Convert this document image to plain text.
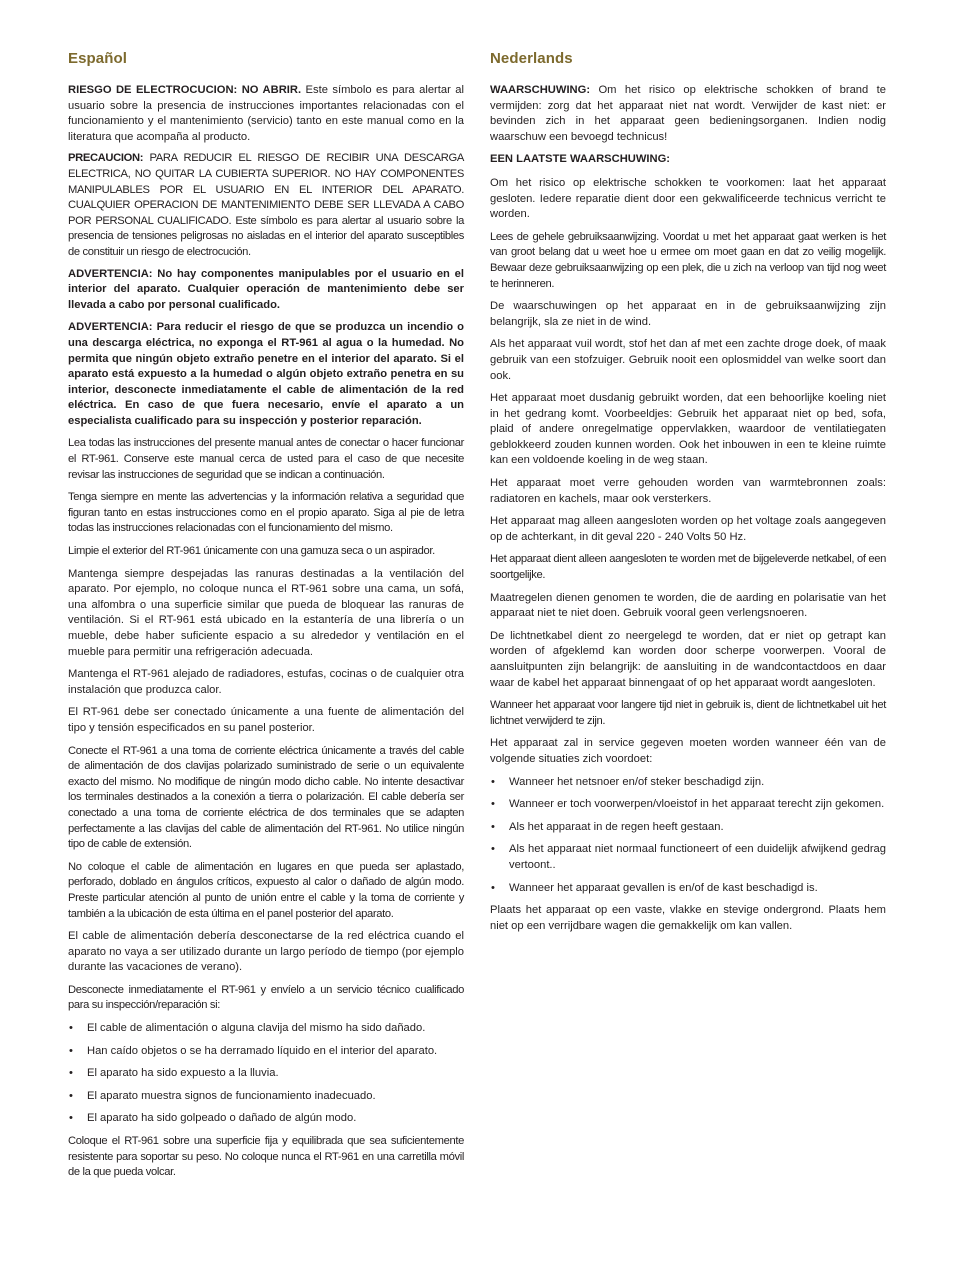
Español

RIESGO DE ELECTROCUCION: NO ABRIR. Este símbolo es para alertar al usuario sobre la presencia de instrucciones importantes relacionadas con el funcionamiento y el mantenimiento (servicio) tanto en este manual como en la literatura que acompaña al producto.

PRECAUCION: PARA REDUCIR EL RIESGO DE RECIBIR UNA DESCARGA ELECTRICA, NO QUITAR LA CUBIERTA SUPERIOR. NO HAY COMPONENTES MANIPULABLES POR EL USUARIO EN EL INTERIOR DEL APARATO. CUALQUIER OPERACION DE MANTENIMIENTO DEBE SER LLEVADA A CABO POR PERSONAL CUALIFICADO. Este símbolo es para alertar al usuario sobre la presencia de tensiones peligrosas no aisladas en el interior del aparato susceptibles de constituir un riesgo de electrocución.

ADVERTENCIA: No hay componentes manipulables por el usuario en el interior del aparato. Cualquier operación de mantenimiento debe ser llevada a cabo por personal cualificado.

ADVERTENCIA: Para reducir el riesgo de que se produzca un incendio o una descarga eléctrica, no exponga el RT-961 al agua o la humedad. No permita que ningún objeto extraño penetre en el interior del aparato. Si el aparato está expuesto a la humedad o algún objeto extraño penetra en su interior, desconecte inmediatamente el cable de alimentación de la red eléctrica. En caso de que fuera necesario, envíe el aparato a un especialista cualificado para su inspección y posterior reparación.

Lea todas las instrucciones del presente manual antes de conectar o hacer funcionar el RT-961. Conserve este manual cerca de usted para el caso de que necesite revisar las instrucciones de seguridad que se indican a continuación.

Tenga siempre en mente las advertencias y la información relativa a seguridad que figuran tanto en estas instrucciones como en el propio aparato. Siga al pie de letra todas las instrucciones relacionadas con el funcionamiento del mismo.

Limpie el exterior del RT-961 únicamente con una gamuza seca o un aspirador.

Mantenga siempre despejadas las ranuras destinadas a la ventilación del aparato. Por ejemplo, no coloque nunca el RT-961 sobre una cama, un sofá, una alfombra o una superficie similar que pueda de bloquear las ranuras de ventilación. Si el RT-961 está ubicado en la estantería de una librería o un mueble, debe haber suficiente espacio a su alrededor y ventilación en el mueble para permitir una refrigeración adecuada.

Mantenga el RT-961 alejado de radiadores, estufas, cocinas o de cualquier otra instalación que produzca calor.

El RT-961 debe ser conectado únicamente a una fuente de alimentación del tipo y tensión especificados en su panel posterior.

Conecte el RT-961 a una toma de corriente eléctrica únicamente a través del cable de alimentación de dos clavijas polarizado suministrado de serie o un equivalente exacto del mismo. No modifique de ningún modo dicho cable. No intente desactivar los terminales destinados a la conexión a tierra o polarización. El cable debería ser conectado a una toma de corriente eléctrica de dos terminales que se adapten perfectamente a las clavijas del cable de alimentación del RT-961. No utilice ningún tipo de cable de extensión.

No coloque el cable de alimentación en lugares en que pueda ser aplastado, perforado, doblado en ángulos críticos, expuesto al calor o dañado de algún modo. Preste particular atención al punto de unión entre el cable y la toma de corriente y también a la ubicación de esta última en el panel posterior del aparato.

El cable de alimentación debería desconectarse de la red eléctrica cuando el aparato no vaya a ser utilizado durante un largo período de tiempo (por ejemplo durante las vacaciones de verano).

Desconecte inmediatamente el RT-961 y envíelo a un servicio técnico cualificado para su inspección/reparación si:

• El cable de alimentación o alguna clavija del mismo ha sido dañado.
• Han caído objetos o se ha derramado líquido en el interior del aparato.
• El aparato ha sido expuesto a la lluvia.
• El aparato muestra signos de funcionamiento inadecuado.
• El aparato ha sido golpeado o dañado de algún modo.

Coloque el RT-961 sobre una superficie fija y equilibrada que sea suficientemente resistente para soportar su peso. No coloque nunca el RT-961 en una carretilla móvil de la que pueda volcar.

Nederlands

WAARSCHUWING: Om het risico op elektrische schokken of brand te vermijden: zorg dat het apparaat niet nat wordt. Verwijder de kast niet: er bevinden zich in het apparaat geen bedieningsorganen. Indien nodig waarschuw een bevoegd technicus!

EEN LAATSTE WAARSCHUWING:

Om het risico op elektrische schokken te voorkomen: laat het apparaat gesloten. Iedere reparatie dient door een gekwalificeerde technicus verricht te worden.

Lees de gehele gebruiksaanwijzing. Voordat u met het apparaat gaat werken is het van groot belang dat u weet hoe u ermee om moet gaan en dat zo veilig mogelijk. Bewaar deze gebruiksaanwijzing op een plek, die u zich na verloop van tijd nog weet te herinneren.

De waarschuwingen op het apparaat en in de gebruiksaanwijzing zijn belangrijk, sla ze niet in de wind.

Als het apparaat vuil wordt, stof het dan af met een zachte droge doek, of maak gebruik van een stofzuiger. Gebruik nooit een oplosmiddel van welke soort dan ook.

Het apparaat moet dusdanig gebruikt worden, dat een behoorlijke koeling niet in het gedrang komt. Voorbeeldjes: Gebruik het apparaat niet op bed, sofa, plaid of andere onregelmatige oppervlakken, waardoor de ventilatiegaten geblokkeerd zouden kunnen worden. Ook het inbouwen in een te kleine ruimte kan een voldoende koeling in de weg staan.

Het apparaat moet verre gehouden worden van warmtebronnen zoals: radiatoren en kachels, maar ook versterkers.

Het apparaat mag alleen aangesloten worden op het voltage zoals aangegeven op de achterkant, in dit geval 220 - 240 Volts 50 Hz.

Het apparaat dient alleen aangesloten te worden met de bijgeleverde netkabel, of een soortgelijke.

Maatregelen dienen genomen te worden, die de aarding en polarisatie van het apparaat niet te niet doen. Gebruik vooral geen verlengsnoeren.

De lichtnetkabel dient zo neergelegd te worden, dat er niet op getrapt kan worden of afgeklemd kan worden door scherpe voorwerpen. Vooral de aansluitpunten zijn belangrijk: de aansluiting in de wandcontactdoos en daar waar de kabel het apparaat binnengaat of op het apparaat wordt aangesloten.

Wanneer het apparaat voor langere tijd niet in gebruik is, dient de lichtnetkabel uit het lichtnet verwijderd te zijn.

Het apparaat zal in service gegeven moeten worden wanneer één van de volgende situaties zich voordoet:

• Wanneer het netsnoer en/of steker beschadigd zijn.
• Wanneer er toch voorwerpen/vloeistof in het apparaat terecht zijn gekomen.
• Als het apparaat in de regen heeft gestaan.
• Als het apparaat niet normaal functioneert of een duidelijk afwijkend gedrag vertoont..
• Wanneer het apparaat gevallen is en/of de kast beschadigd is.

Plaats het apparaat op een vaste, vlakke en stevige ondergrond. Plaats hem niet op een verrijdbare wagen die gemakkelijk om kan vallen.
